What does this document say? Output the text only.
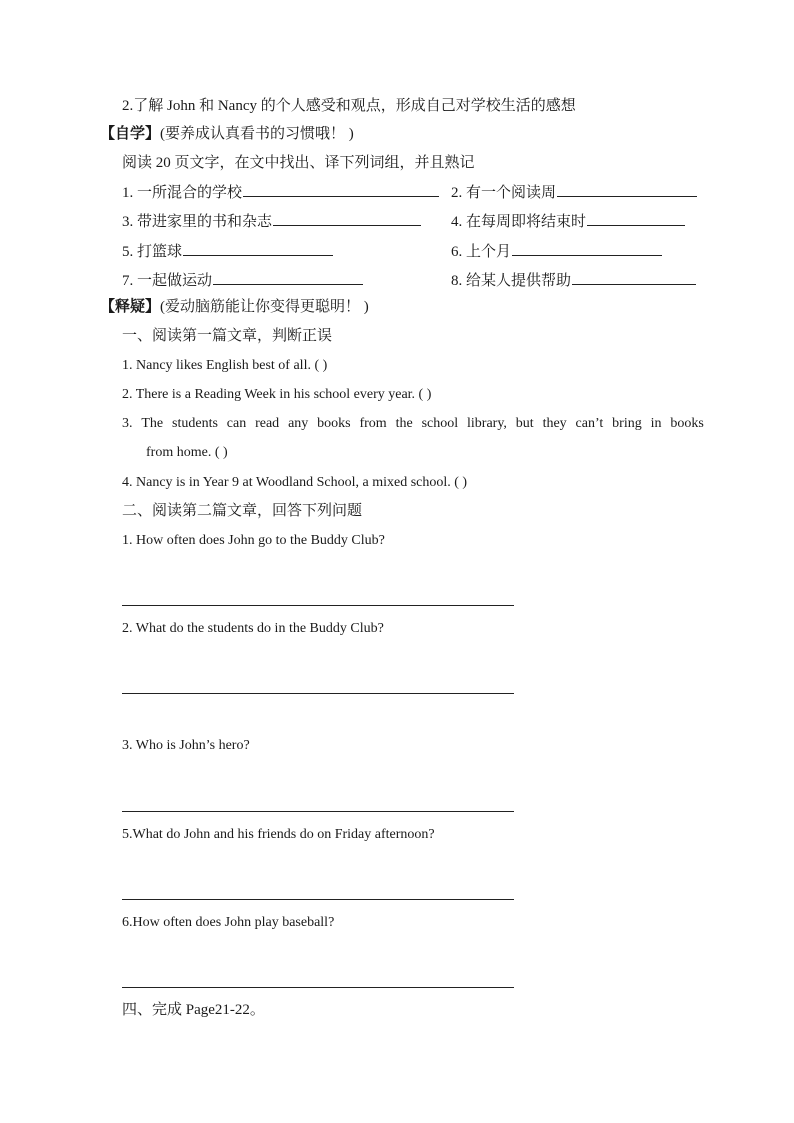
2.了解 John 和 Nancy 的个人感受和观点，形成自己对学校生活的感想
【自学】(要养成认真看书的习惯哦！ )
阅读 20 页文字，在文中找出、译下列词组，并且熟记
1. 一所混合的学校	2. 有一个阅读周
3. 带进家里的书和杂志	4. 在每周即将结束时
5. 打篮球	6. 上个月
7. 一起做运动	8. 给某人提供帮助
【释疑】(爱动脑筋能让你变得更聪明！ )
一、阅读第一篇文章，判断正误
1. Nancy likes English best of all. ( )
2. There is a Reading Week in his school every year. ( )
3. The students can read any books from the school library, but they can’t bring in books
from home. ( )
4. Nancy is in Year 9 at Woodland School, a mixed school. ( )
二、阅读第二篇文章，回答下列问题
1. How often does John go to the Buddy Club?
2. What do the students do in the Buddy Club?
3. Who is John’s hero?
5.What do John and his friends do on Friday afternoon?
6.How often does John play baseball?
四、完成 Page21-22。
